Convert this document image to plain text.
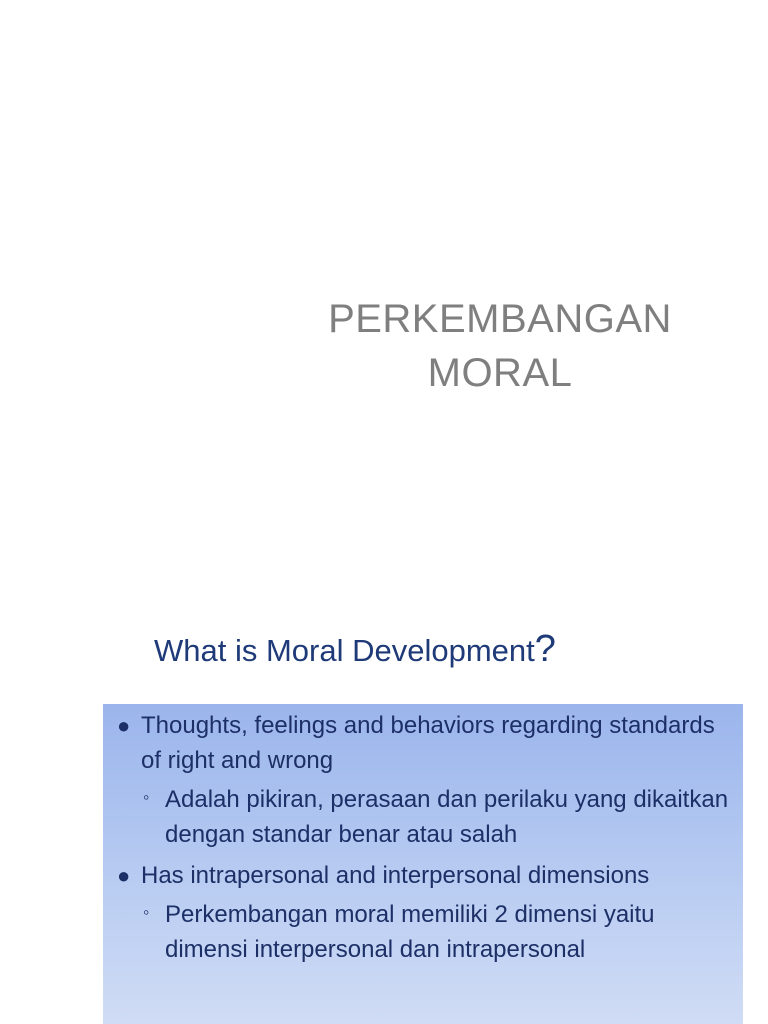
PERKEMBANGAN
MORAL
What is Moral Development?
● Thoughts, feelings and behaviors regarding standards of right and wrong
◦ Adalah pikiran, perasaan dan perilaku yang dikaitkan dengan standar benar atau salah
● Has intrapersonal and interpersonal dimensions
◦ Perkembangan moral memiliki 2 dimensi yaitu dimensi interpersonal dan intrapersonal
